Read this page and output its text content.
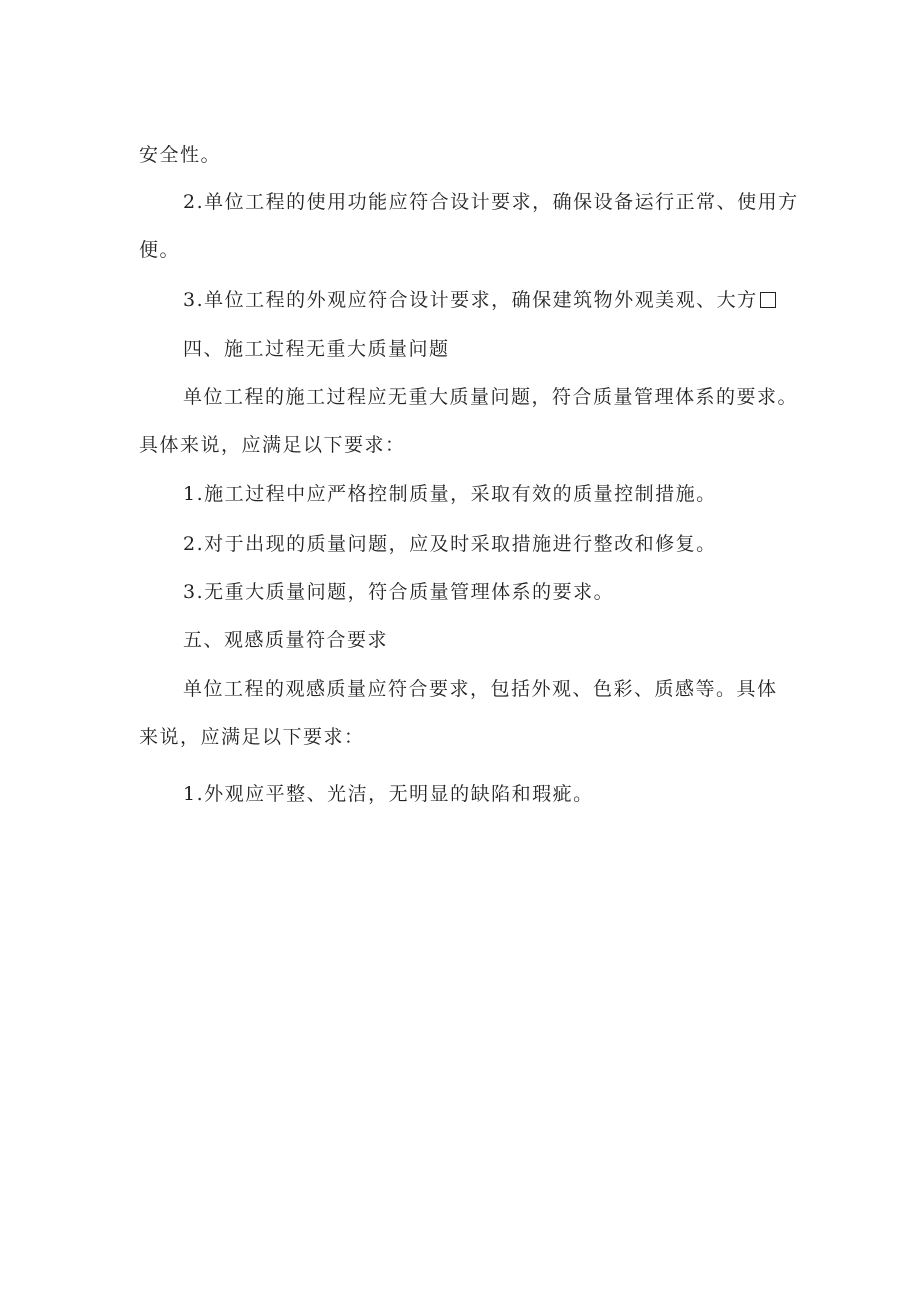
安全性。
2.单位工程的使用功能应符合设计要求，确保设备运行正常、使用方
便。
3.单位工程的外观应符合设计要求，确保建筑物外观美观、大方
四、施工过程无重大质量问题
单位工程的施工过程应无重大质量问题，符合质量管理体系的要求。
具体来说，应满足以下要求：
1.施工过程中应严格控制质量，采取有效的质量控制措施。
2.对于出现的质量问题，应及时采取措施进行整改和修复。
3.无重大质量问题，符合质量管理体系的要求。
五、观感质量符合要求
单位工程的观感质量应符合要求，包括外观、色彩、质感等。具体
来说，应满足以下要求：
1.外观应平整、光洁，无明显的缺陷和瑕疵。
